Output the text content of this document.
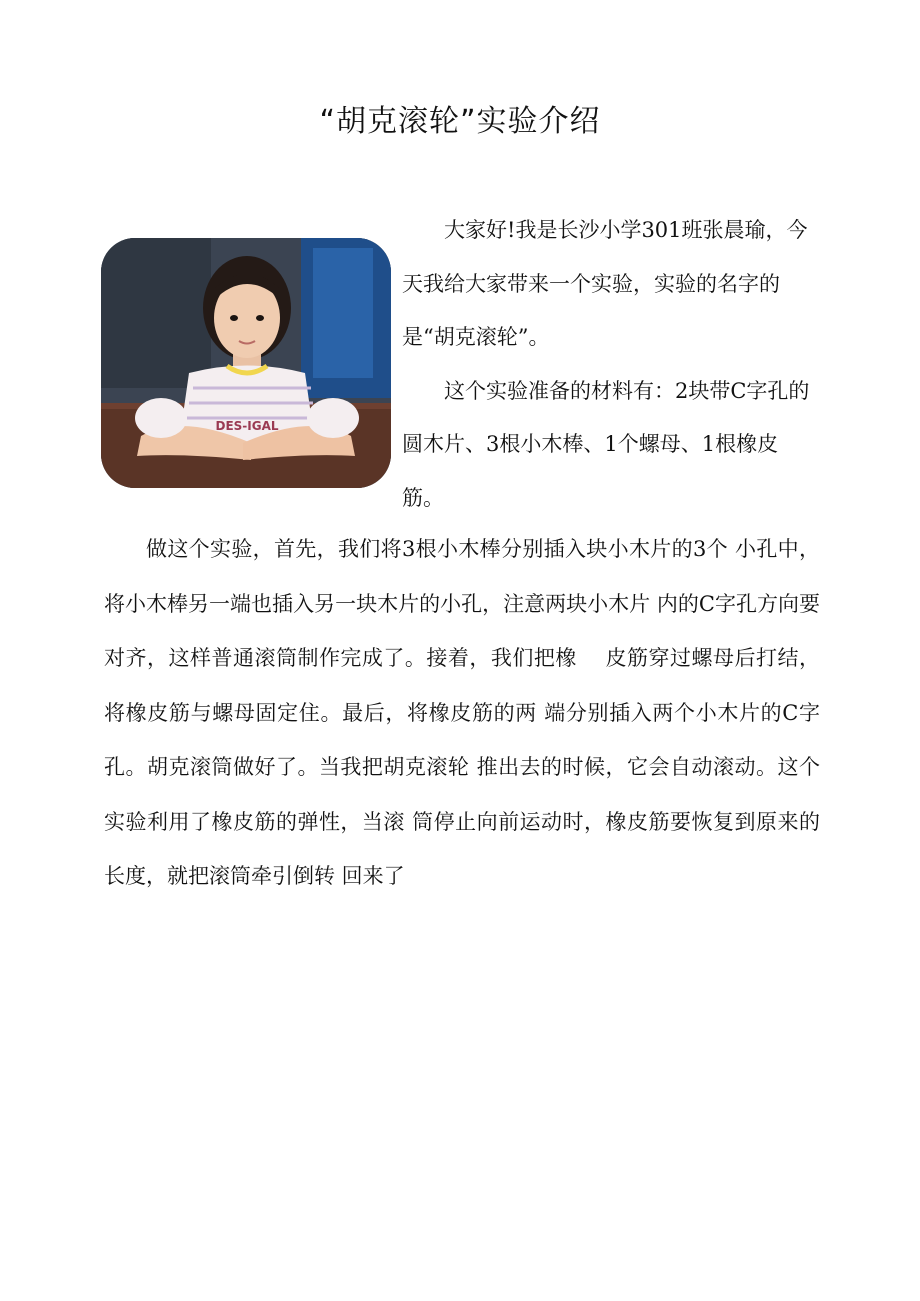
“胡克滚轮”实验介绍
DES-IGAL

大家好!我是长沙小学301班张晨瑜，今天我给大家带来一个实验，实验的名字的是“胡克滚轮”。

这个实验准备的材料有：2块带C字孔的圆木片、3根小木棒、1个螺母、1根橡皮筋。

做这个实验，首先，我们将3根小木棒分别插入块小木片的3个 小孔中，将小木棒另一端也插入另一块木片的小孔，注意两块小木片 内的C字孔方向要对齐，这样普通滚筒制作完成了。接着，我们把橡　 皮筋穿过螺母后打结，将橡皮筋与螺母固定住。最后，将橡皮筋的两 端分别插入两个小木片的C字孔。胡克滚筒做好了。当我把胡克滚轮 推出去的时候，它会自动滚动。这个实验利用了橡皮筋的弹性，当滚 筒停止向前运动时，橡皮筋要恢复到原来的长度，就把滚筒牵引倒转 回来了
